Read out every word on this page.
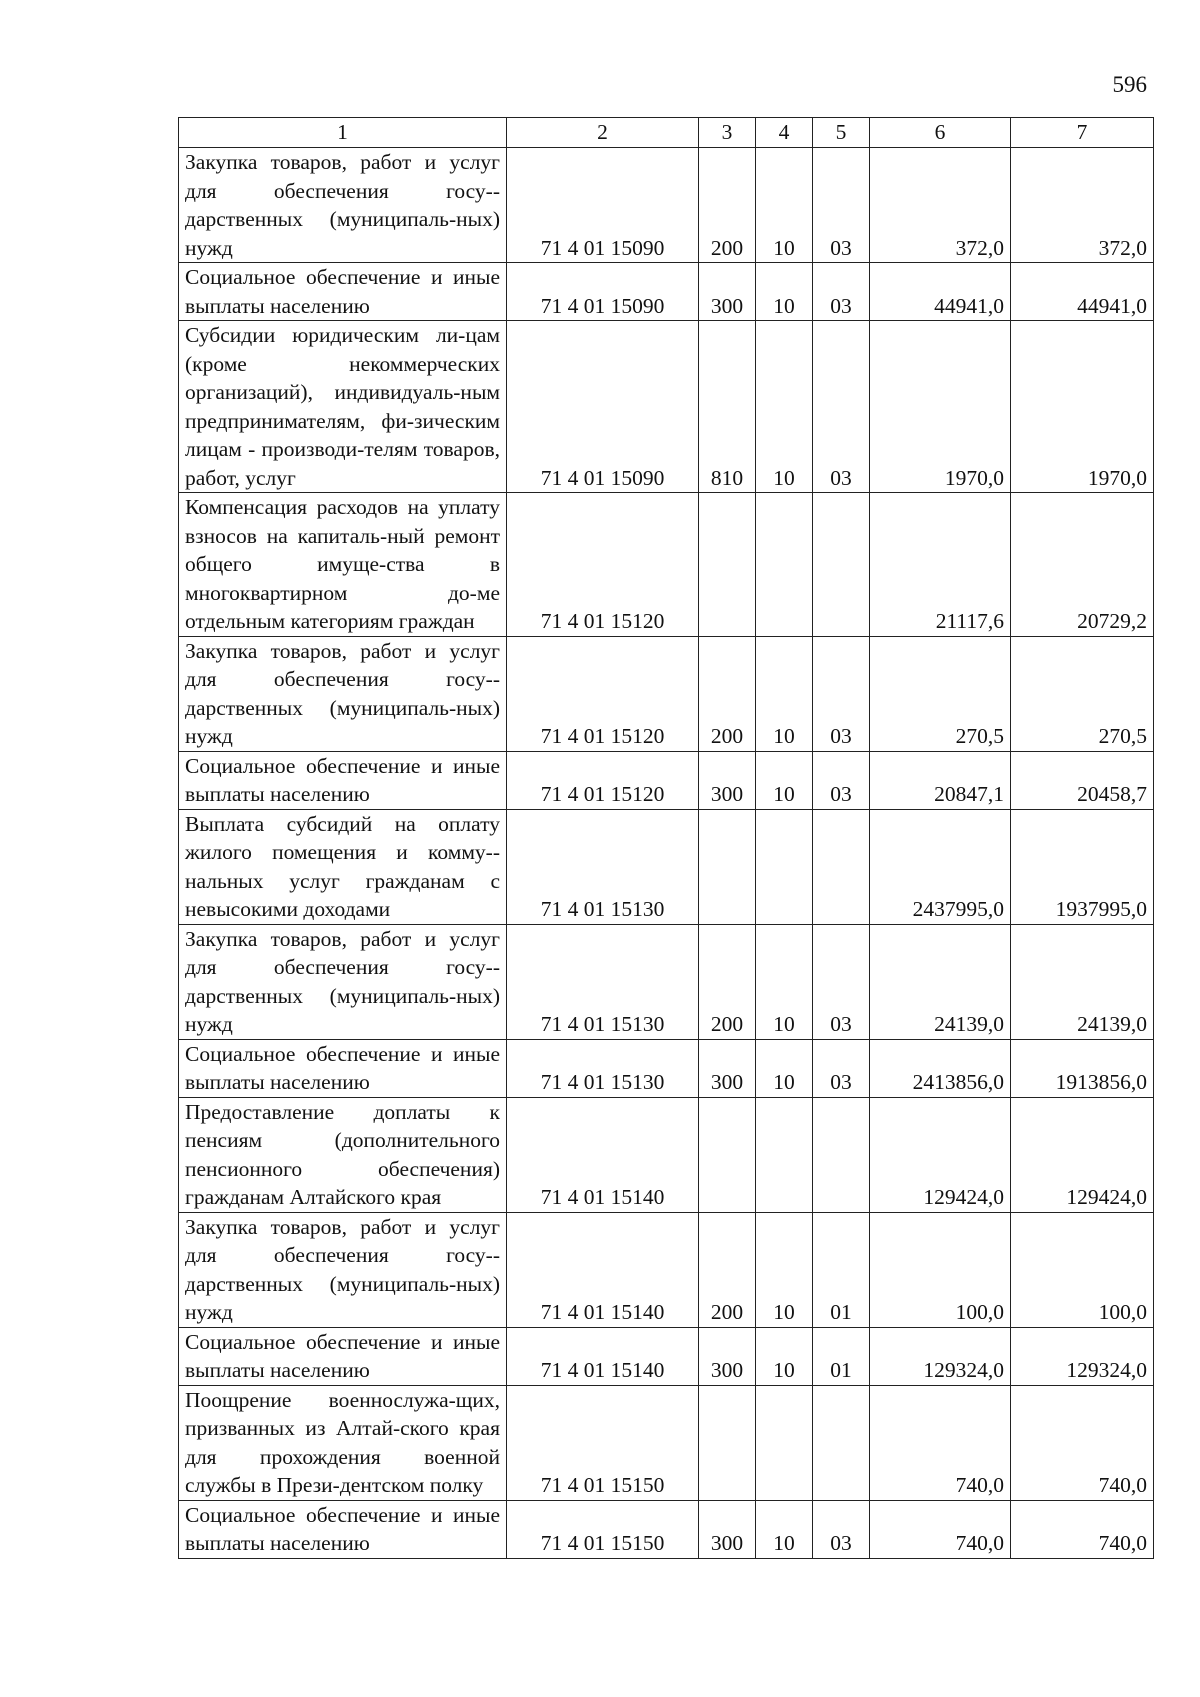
596
1	2	3	4	5	6	7
Закупка товаров, работ и услуг для обеспечения госу-дарственных (муниципаль-ных) нужд	71 4 01 15090	200	10	03	372,0	372,0
Социальное обеспечение и иные выплаты населению	71 4 01 15090	300	10	03	44941,0	44941,0
Субсидии юридическим ли-цам (кроме некоммерческих организаций), индивидуаль-ным предпринимателям, фи-зическим лицам - производи-телям товаров, работ, услуг	71 4 01 15090	810	10	03	1970,0	1970,0
Компенсация расходов на уплату взносов на капиталь-ный ремонт общего имуще-ства в многоквартирном до-ме отдельным категориям граждан	71 4 01 15120				21117,6	20729,2
Закупка товаров, работ и услуг для обеспечения госу-дарственных (муниципаль-ных) нужд	71 4 01 15120	200	10	03	270,5	270,5
Социальное обеспечение и иные выплаты населению	71 4 01 15120	300	10	03	20847,1	20458,7
Выплата субсидий на оплату жилого помещения и комму-нальных услуг гражданам с невысокими доходами	71 4 01 15130				2437995,0	1937995,0
Закупка товаров, работ и услуг для обеспечения госу-дарственных (муниципаль-ных) нужд	71 4 01 15130	200	10	03	24139,0	24139,0
Социальное обеспечение и иные выплаты населению	71 4 01 15130	300	10	03	2413856,0	1913856,0
Предоставление доплаты к пенсиям (дополнительного пенсионного обеспечения) гражданам Алтайского края	71 4 01 15140				129424,0	129424,0
Закупка товаров, работ и услуг для обеспечения госу-дарственных (муниципаль-ных) нужд	71 4 01 15140	200	10	01	100,0	100,0
Социальное обеспечение и иные выплаты населению	71 4 01 15140	300	10	01	129324,0	129324,0
Поощрение военнослужа-щих, призванных из Алтай-ского края для прохождения военной службы в Прези-дентском полку	71 4 01 15150				740,0	740,0
Социальное обеспечение и иные выплаты населению	71 4 01 15150	300	10	03	740,0	740,0
